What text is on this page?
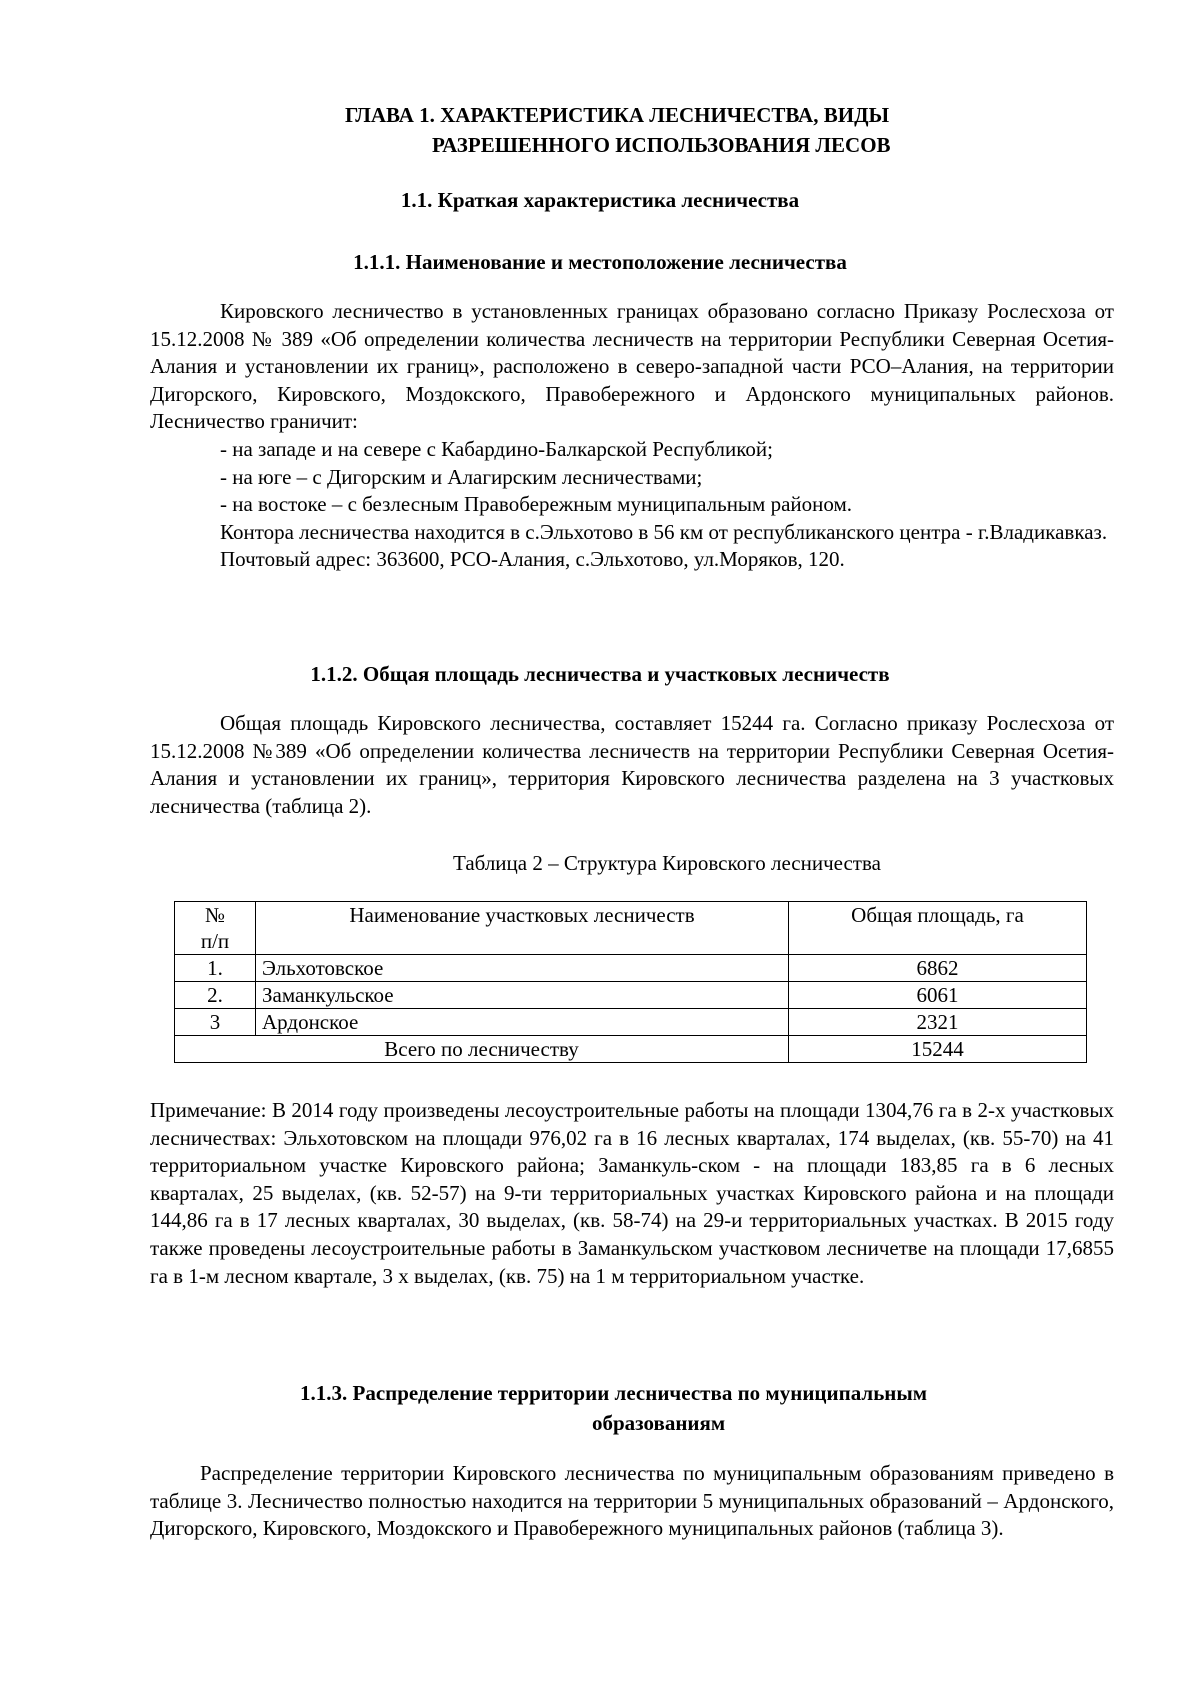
ГЛАВА 1. ХАРАКТЕРИСТИКА ЛЕСНИЧЕСТВА, ВИДЫ
РАЗРЕШЕННОГО ИСПОЛЬЗОВАНИЯ ЛЕСОВ
1.1. Краткая характеристика лесничества
1.1.1. Наименование и местоположение лесничества

Кировского лесничество в установленных границах образовано согласно Приказу Рослесхоза от 15.12.2008 № 389 «Об определении количества лесничеств на территории Республики Северная Осетия-Алания и установлении их границ», расположено в северо-западной части РСО–Алания, на территории Дигорского, Кировского, Моздокского, Правобережного и Ардонского муниципальных районов. Лесничество граничит:

- на западе и на севере с Кабардино-Балкарской Республикой;

- на юге – с Дигорским и Алагирским лесничествами;

- на востоке – с безлесным Правобережным муниципальным районом.

Контора лесничества находится в с.Эльхотово в 56 км от республиканского центра - г.Владикавказ.

Почтовый адрес: 363600, РСО-Алания, с.Эльхотово, ул.Моряков, 120.

1.1.2. Общая площадь лесничества и участковых лесничеств

Общая площадь Кировского лесничества, составляет 15244 га. Согласно приказу Рослесхоза от 15.12.2008 №389 «Об определении количества лесничеств на территории Республики Северная Осетия-Алания и установлении их границ», территория Кировского лесничества разделена на 3 участковых лесничества (таблица 2).

Таблица 2 – Структура Кировского лесничества

№
п/п	Наименование участковых лесничеств	Общая площадь, га
1.	Эльхотовское	6862
2.	Заманкульское	6061
3	Ардонское	2321
Всего по лесничеству		15244

Примечание: В 2014 году произведены лесоустроительные работы на площади 1304,76 га в 2-х участковых лесничествах: Эльхотовском на площади 976,02 га в 16 лесных кварталах, 174 выделах, (кв. 55-70) на 41 территориальном участке Кировского района; Заманкуль-ском - на площади 183,85 га в 6 лесных кварталах, 25 выделах, (кв. 52-57) на 9-ти территориальных участках Кировского района и на площади 144,86 га в 17 лесных кварталах, 30 выделах, (кв. 58-74) на 29-и территориальных участках. В 2015 году также проведены лесоустроительные работы в Заманкульском участковом лесничетве на площади 17,6855 га в 1-м лесном квартале, 3 х выделах, (кв. 75) на 1 м территориальном участке.

1.1.3. Распределение территории лесничества по муниципальным
образованиям

Распределение территории Кировского лесничества по муниципальным образованиям приведено в таблице 3. Лесничество полностью находится на территории 5 муниципальных образований – Ардонского, Дигорского, Кировского, Моздокского и Правобережного муниципальных районов (таблица 3).
